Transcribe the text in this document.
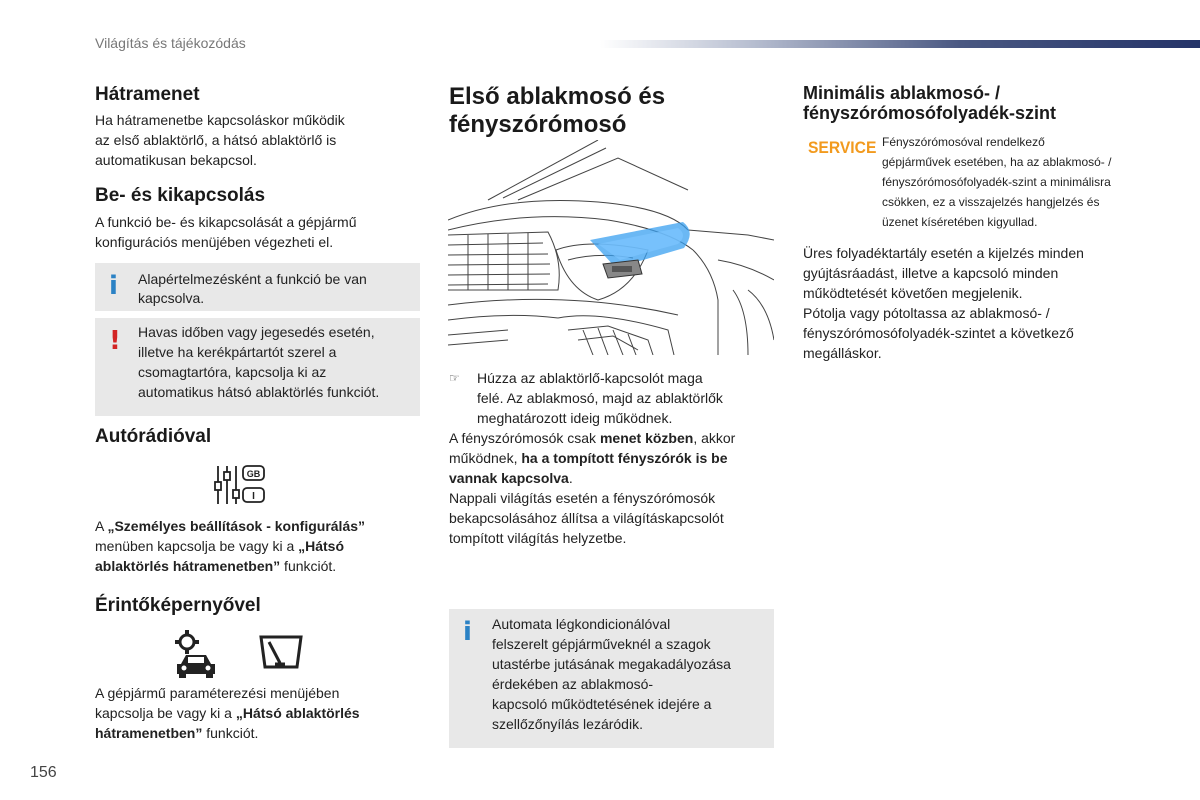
Világítás és tájékozódás
Hátramenet

Ha hátramenetbe kapcsoláskor működik

az első ablaktörlő, a hátsó ablaktörlő is

automatikusan bekapcsol.

Be- és kikapcsolás

A funkció be- és kikapcsolását a gépjármű

konfigurációs menüjében végezheti el.

i Alapértelmezésként a funkció be van

kapcsolva.

! Havas időben vagy jegesedés esetén,

illetve ha kerékpártartót szerel a

csomagtartóra, kapcsolja ki az

automatikus hátsó ablaktörlés funkciót.

Autórádióval
GB
I

A „Személyes beállítások - konfigurálás”

menüben kapcsolja be vagy ki a „Hátsó

ablaktörlés hátramenetben” funkciót.

Érintőképernyővel

A gépjármű paraméterezési menüjében

kapcsolja be vagy ki a „Hátsó ablaktörlés

hátramenetben” funkciót.

156
Első ablakmosó és
fényszórómosó
☞ Húzza az ablaktörlő-kapcsolót maga

felé. Az ablakmosó, majd az ablaktörlők

meghatározott ideig működnek.

A fényszórómosók csak menet közben, akkor

működnek, ha a tompított fényszórók is be

vannak kapcsolva.

Nappali világítás esetén a fényszórómosók

bekapcsolásához állítsa a világításkapcsolót

tompított világítás helyzetbe.

i Automata légkondicionálóval

felszerelt gépjárműveknél a szagok

utastérbe jutásának megakadályozása

érdekében az ablakmosó-

kapcsoló működtetésének idejére a

szellőzőnyílás lezáródik.

Minimális ablakmosó- /
fényszórómosófolyadék-szint
SERVICE Fényszórómosóval rendelkező

gépjárművek esetében, ha az ablakmosó- /

fényszórómosófolyadék-szint a minimálisra

csökken, ez a visszajelzés hangjelzés és

üzenet kíséretében kigyullad.

Üres folyadéktartály esetén a kijelzés minden

gyújtásráadást, illetve a kapcsoló minden

működtetését követően megjelenik.

Pótolja vagy pótoltassa az ablakmosó- /

fényszórómosófolyadék-szintet a következő

megálláskor.
